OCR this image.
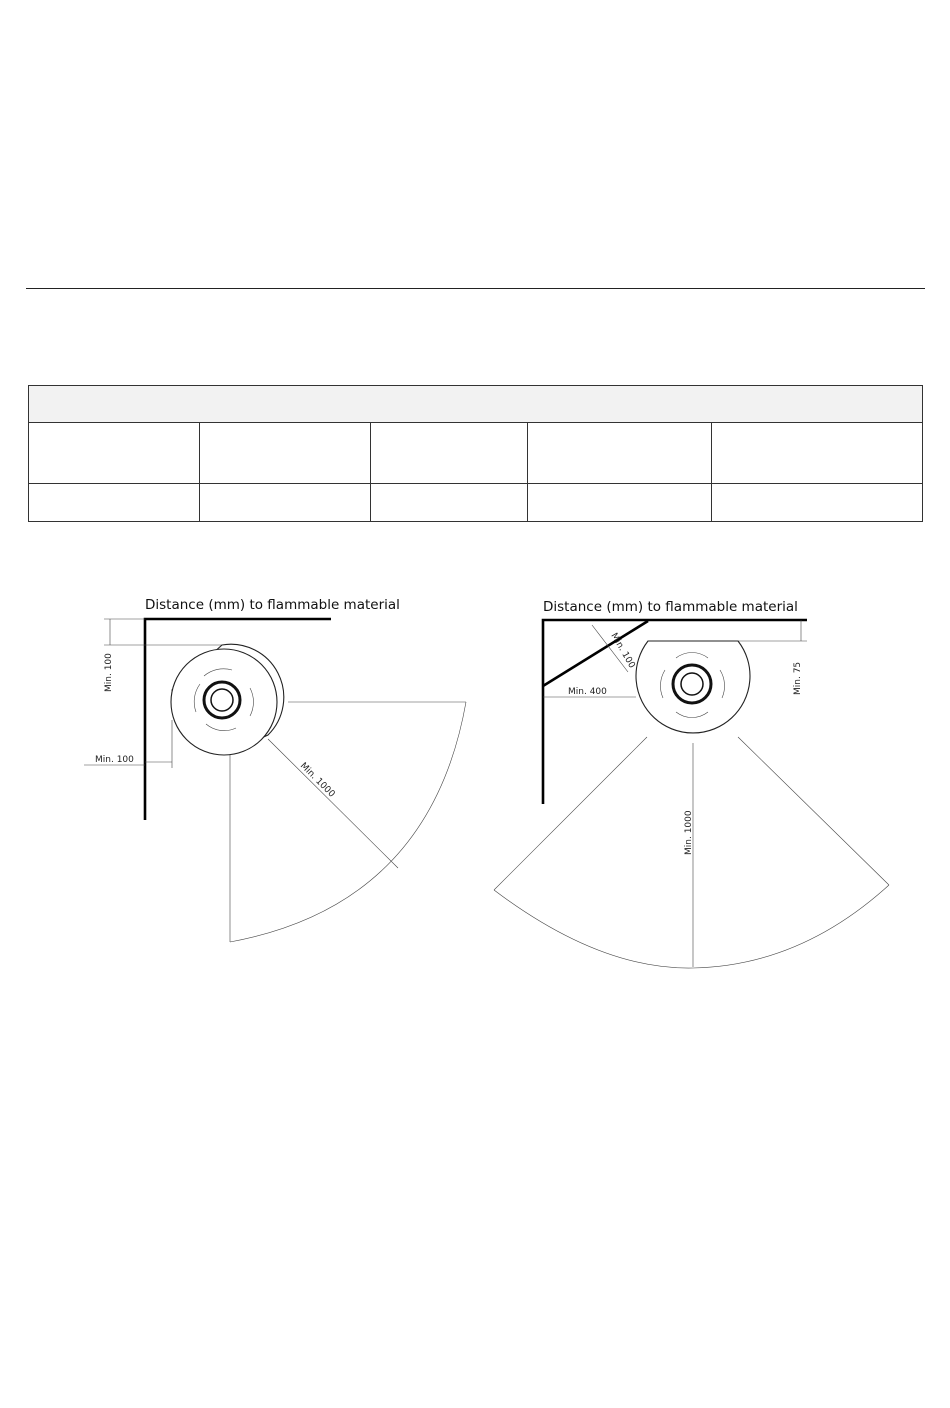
Distance (mm) to flammable material
Min. 1000
Min. 100
Min. 100
Distance (mm) to flammable material
Min. 100
Min. 400	Min. 75
Min. 1000
